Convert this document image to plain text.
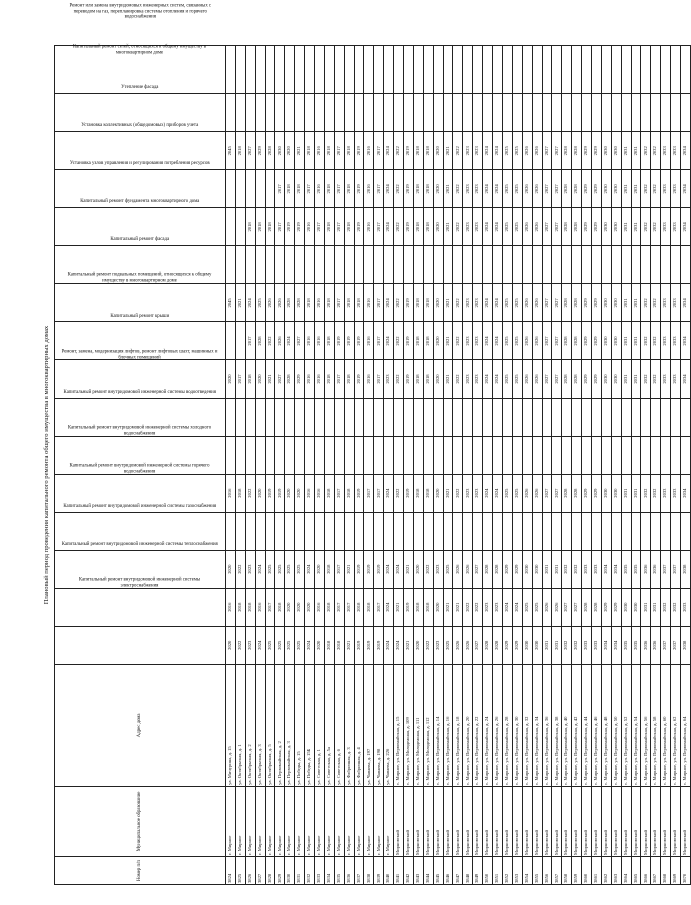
Плановый период проведения капитального ремонта общего имущества в многоквартирных домах
Номер п/п	Муниципальное образование	Адрес дома	Капитальный ремонт внутридомовой инженерной системы электроснабжения	Капитальный ремонт внутридомовой инженерной системы теплоснабжения	Капитальный ремонт внутридомовой инженерной системы газоснабжения	Капитальный ремонт внутридомовой инженерной системы горячего водоснабжения	Капитальный ремонт внутридомовой инженерной системы холодного водоснабжения	Капитальный ремонт внутридомовой инженерной системы водоотведения	Ремонт, замена, модернизация лифтов, ремонт лифтовых шахт, машинных и блочных помещений	Капитальный ремонт крыши	Капитальный ремонт подвальных помещений, относящихся к общему имуществу в многоквартирном доме	Капитальный ремонт фасада	Капитальный ремонт фундамента многоквартирного дома	Установка узлов управления и регулирования потребления ресурсов	Установка коллективных (общедомовых) приборов учета	Утепление фасада	Капитальный ремонт сетей, относящихся к общему имуществу в многоквартирном доме	Ремонт или замена внутридомовых инженерных систем, связанных с переводом на газ, перепланировка системы отопления и горячего водоснабжения
3824	г. Мирное	ул. Мичурина, д. 15	2020	2016	2020		2016			2020		2045				2045		
3825	г. Мирное	ул. Октябрьская, д. 1	2022	2018	2022		2018			2017		2021				2018		
3826	г. Мирное	ул. Октябрьская, д. 2	2023	2018	2023		2022			2018	2017	2024		2018		2027		
3827	г. Мирное	ул. Октябрьская, д. 3	2024	2016	2024		2020			2020	2028	2025		2018		2029		
3828	г. Мирное	ул. Октябрьская, д. 5	2025	2017	2025		2019			2021	2022	2026		2018		2028		
3829	г. Мирное	ул. Первомайская, д. 2	2025	2018	2025		2019			2027	2026	2026		2017	2017	2030		
3830	г. Мирное	ул. Первомайская, д. 3	2025	2020	2025		2020			2028	2024	2028		2019	2018	2020		
3831	г. Мирное	ул. Победы, д. 15	2025	2020	2025		2020			2029	2027	2028		2019	2018	2021		
3832	г. Мирное	ул. Победы, д. 15Б	2024	2020	2024		2016			2016	2016	2018		2016	2017	2018		
3833	г. Мирное	ул. Советская, д. 1	2020	2016	2020		2016			2016	2016	2016		2017	2016	2016		
3834	г. Мирное	ул. Советская, д. 5а	2018	2018	2018		2018			2018	2018	2018		2018	2018	2018		
3835	г. Мирное	ул. Советская, д. 6	2018	2017	2017		2017			2017	2019	2017		2017	2017	2017		
3836	г. Мирное	ул. Фабричная, д. 3	2021	2017	2021		2018			2018	2019	2018		2018	2018	2018		
3837	г. Мирное	ул. Фабричная, д. 4	2019	2018	2019		2019			2019	2019	2018		2019	2019	2019		
3838	г. Мирное	ул. Чапаева, д. 197	2019	2018	2019		2017			2016	2016	2016		2016	2016	2016		
3839	г. Мирное	ул. Чапаева, д. 198	2019	2017	2019		2017			2017	2017	2017		2017	2017	2017		
3840	г. Мирное	ул. Чапаева, д. 226	2024	2024	2024		2024			2023	2024	2024		2024	2024	2024		
3841	Мирновский	с. Мирное, ул. Первомайская, д. 15	2024	2021	2024		2022			2022	2022	2022		2022	2022	2022		
3842	Мирновский	с. Мирное, ул. Молодежная, д. 109	2021	2019	2021		2019			2019	2019	2019		2019	2019	2019		
3843	Мирновский	с. Мирное, ул. Молодежная, д. 111	2020	2018	2020		2018			2018	2018	2018		2018	2018	2018		
3844	Мирновский	с. Мирное, ул. Молодежная, д. 112	2022	2018	2022		2018			2018	2018	2018		2018	2018	2018		
3845	Мирновский	с. Мирное, ул. Первомайская, д. 14	2023	2020	2023		2020			2020	2020	2020		2020	2020	2020		
3846	Мирновский	с. Мирное, ул. Первомайская, д. 16	2025	2021	2025		2021			2021	2021	2021		2021	2021	2021		
3847	Мирновский	с. Мирное, ул. Первомайская, д. 18	2026	2021	2026		2022			2022	2022	2022		2022	2022	2022		
3848	Мирновский	с. Мирное, ул. Первомайская, д. 20	2026	2022	2026		2023			2023	2023	2023		2023	2023	2023		
3849	Мирновский	с. Мирное, ул. Первомайская, д. 22	2027	2022	2027		2023			2023	2023	2023		2023	2023	2023		
3850	Мирновский	с. Мирное, ул. Первомайская, д. 24	2028	2023	2028		2024			2024	2024	2024		2024	2024	2024		
3851	Мирновский	с. Мирное, ул. Первомайская, д. 26	2028	2023	2028		2024			2024	2024	2024		2024	2024	2024		
3852	Мирновский	с. Мирное, ул. Первомайская, д. 28	2029	2024	2029		2025			2025	2025	2025		2025	2025	2025		
3853	Мирновский	с. Мирное, ул. Первомайская, д. 30	2029	2024	2029		2025			2025	2025	2025		2025	2025	2025		
3854	Мирновский	с. Мирное, ул. Первомайская, д. 32	2030	2025	2030		2026			2026	2026	2026		2026	2026	2026		
3855	Мирновский	с. Мирное, ул. Первомайская, д. 34	2030	2025	2030		2026			2026	2026	2026		2026	2026	2026		
3856	Мирновский	с. Мирное, ул. Первомайская, д. 36	2031	2026	2031		2027			2027	2027	2027		2027	2027	2027		
3857	Мирновский	с. Мирное, ул. Первомайская, д. 38	2031	2026	2031		2027			2027	2027	2027		2027	2027	2027		
3858	Мирновский	с. Мирное, ул. Первомайская, д. 40	2032	2027	2032		2028			2028	2028	2028		2028	2028	2028		
3859	Мирновский	с. Мирное, ул. Первомайская, д. 42	2032	2027	2032		2028			2028	2028	2028		2028	2028	2028		
3860	Мирновский	с. Мирное, ул. Первомайская, д. 44	2033	2028	2033		2029			2029	2029	2029		2029	2029	2029		
3861	Мирновский	с. Мирное, ул. Первомайская, д. 46	2033	2028	2033		2029			2029	2029	2029		2029	2029	2029		
3862	Мирновский	с. Мирное, ул. Первомайская, д. 48	2034	2029	2034		2030			2030	2030	2030		2030	2030	2030		
3863	Мирновский	с. Мирное, ул. Первомайская, д. 50	2034	2029	2034		2030			2030	2030	2030		2030	2030	2030		
3864	Мирновский	с. Мирное, ул. Первомайская, д. 52	2035	2030	2035		2031			2031	2031	2031		2031	2031	2031		
3865	Мирновский	с. Мирное, ул. Первомайская, д. 54	2035	2030	2035		2031			2031	2031	2031		2031	2031	2031		
3866	Мирновский	с. Мирное, ул. Первомайская, д. 56	2036	2031	2036		2032			2032	2032	2032		2032	2032	2032		
3867	Мирновский	с. Мирное, ул. Первомайская, д. 58	2036	2031	2036		2032			2032	2032	2032		2032	2032	2032		
3868	Мирновский	с. Мирное, ул. Первомайская, д. 60	2037	2032	2037		2033			2033	2033	2033		2033	2033	2033		
3869	Мирновский	с. Мирное, ул. Первомайская, д. 62	2037	2032	2037		2033			2033	2033	2033		2033	2033	2033		
3870	Мирновский	с. Мирное, ул. Первомайская, д. 64	2038	2033	2038		2034			2034	2034	2034		2034	2034	2034		
